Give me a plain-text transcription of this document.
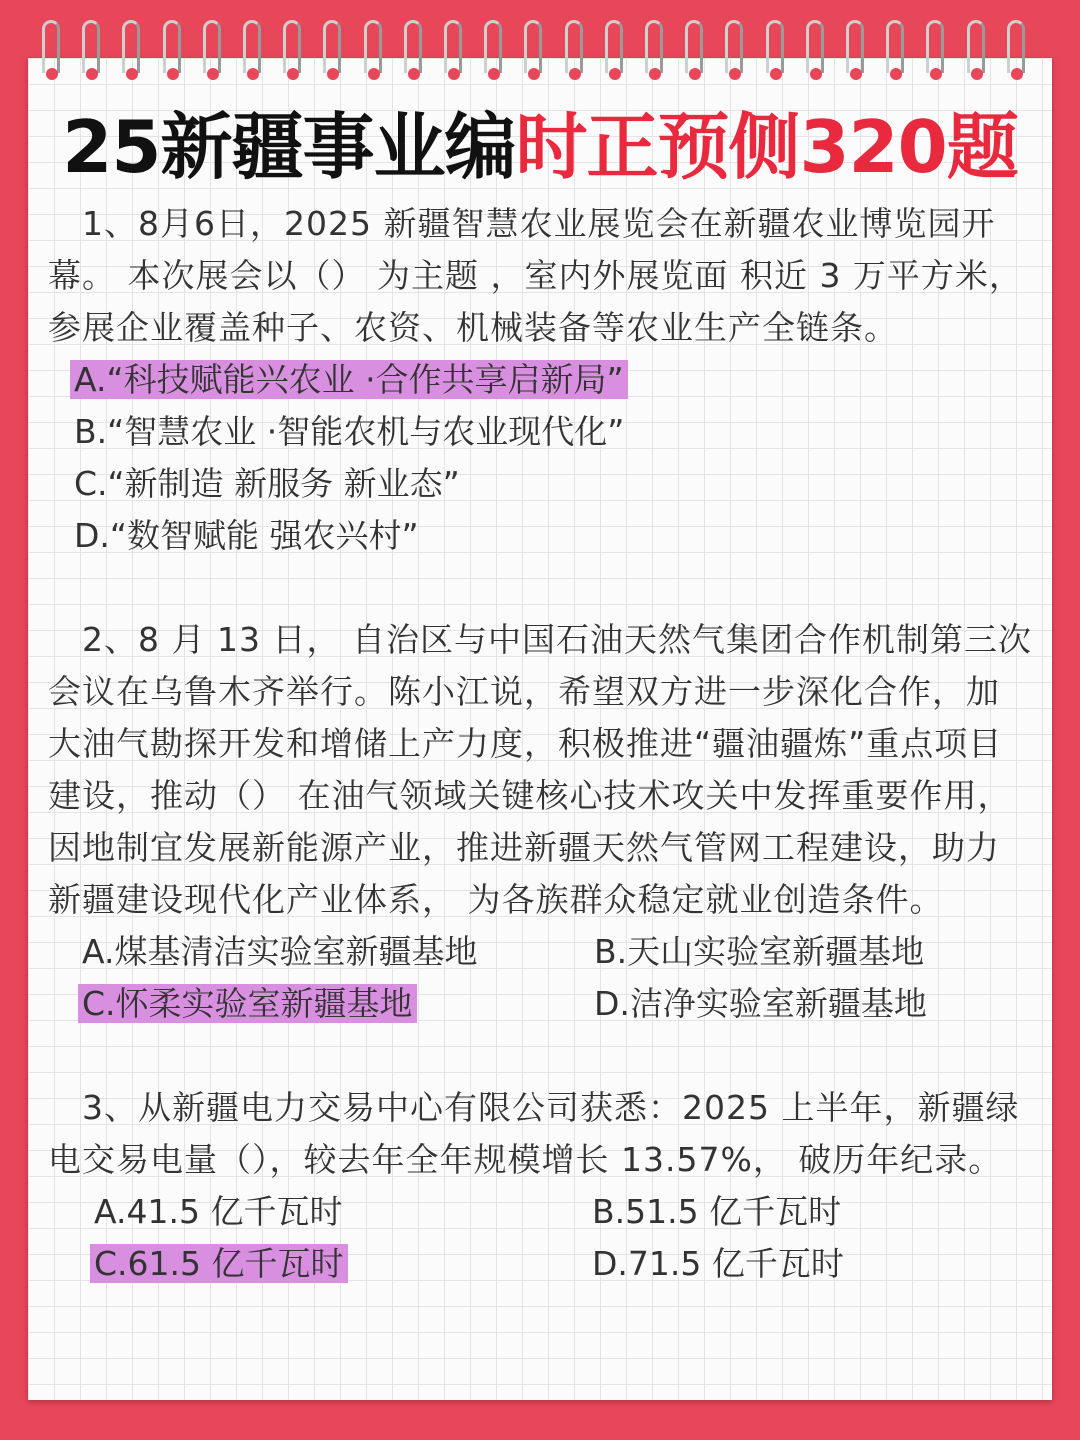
25新疆事业编时正预侧320题

1、8月6日，2025 新疆智慧农业展览会在新疆农业博览园开幕。 本次展会以（） 为主题 ，室内外展览面 积近 3 万平方米，参展企业覆盖种子、农资、机械装备等农业生产全链条。

A.“科技赋能兴农业 ·合作共享启新局”

B.“智慧农业 ·智能农机与农业现代化”

C.“新制造 新服务 新业态”

D.“数智赋能 强农兴村”

2、8 月 13 日， 自治区与中国石油天然气集团合作机制第三次会议在乌鲁木齐举行。陈小江说，希望双方进一步深化合作，加大油气勘探开发和增储上产力度，积极推进“疆油疆炼”重点项目建设，推动（） 在油气领域关键核心技术攻关中发挥重要作用，因地制宜发展新能源产业，推进新疆天然气管网工程建设，助力新疆建设现代化产业体系， 为各族群众稳定就业创造条件。

A.煤基清洁实验室新疆基地	B.天山实验室新疆基地
C.怀柔实验室新疆基地	D.洁净实验室新疆基地

3、从新疆电力交易中心有限公司获悉：2025 上半年，新疆绿电交易电量（），较去年全年规模增长 13.57%， 破历年纪录。

A.41.5 亿千瓦时	B.51.5 亿千瓦时
C.61.5 亿千瓦时	D.71.5 亿千瓦时
